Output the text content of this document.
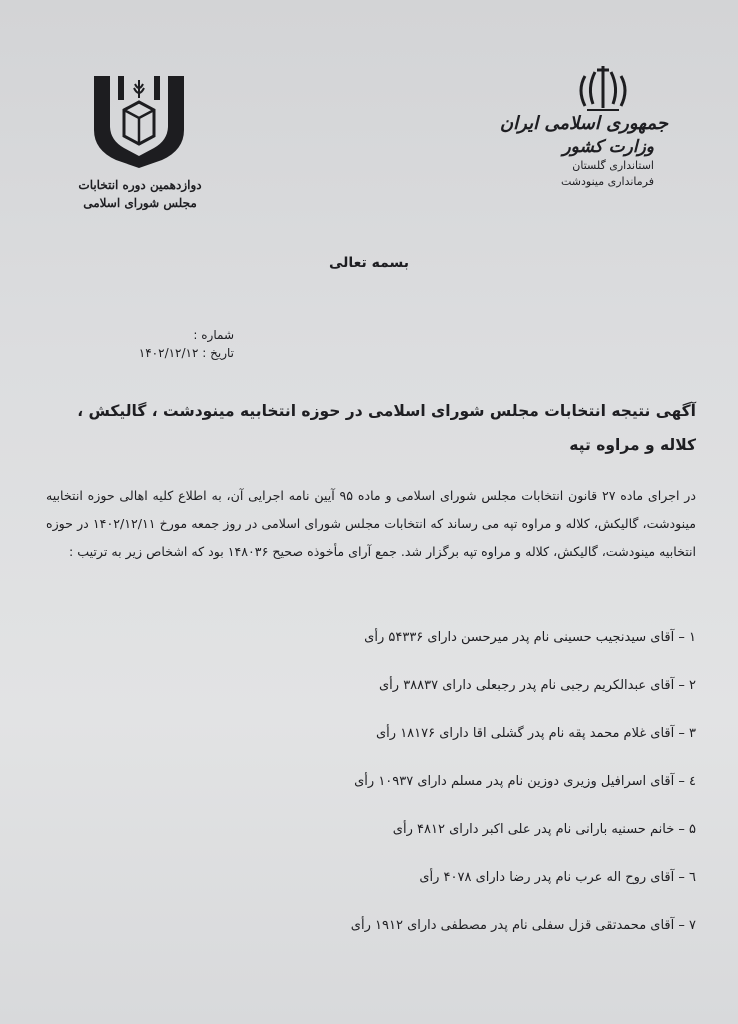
دوازدهمین دوره انتخابات
مجلس شورای اسلامی
جمهوری اسلامی ایران
وزارت کشور
استانداری گلستان
فرمانداری مینودشت
بسمه تعالی
شماره :
تاریخ : ۱۴۰۲/۱۲/۱۲
آگهی نتیجه انتخابات مجلس شورای اسلامی در حوزه انتخابیه مینودشت ، گالیکش ،
کلاله و مراوه تپه
در اجرای ماده ۲۷ قانون انتخابات مجلس شورای اسلامی و ماده ۹۵ آیین نامه اجرایی آن، به اطلاع کلیه اهالی حوزه انتخابیه مینودشت، گالیکش، کلاله و مراوه تپه می رساند که انتخابات مجلس شورای اسلامی در روز جمعه مورخ ۱۴۰۲/۱۲/۱۱ در حوزه انتخابیه مینودشت، گالیکش، کلاله و مراوه تپه برگزار شد. جمع آرای مأخوذه صحیح ۱۴۸۰۳۶ بود که اشخاص زیر به ترتیب :
۱ – آقای سیدنجیب حسینی نام پدر میرحسن دارای ۵۴۳۳۶ رأی
۲ – آقای عبدالکریم رجبی نام پدر رجبعلی دارای ۳۸۸۳۷ رأی
۳ – آقای غلام محمد پقه نام پدر گشلی اقا دارای ۱۸۱۷۶ رأی
٤ – آقای اسرافیل وزیری دوزین نام پدر مسلم دارای ۱۰۹۳۷ رأی
۵ – خانم حسنیه بارانی نام پدر علی اکبر دارای ۴۸۱۲ رأی
٦ – آقای روح اله عرب نام پدر رضا دارای ۴۰۷۸ رأی
۷ – آقای محمدتقی قزل سفلی نام پدر مصطفی دارای ۱۹۱۲ رأی
